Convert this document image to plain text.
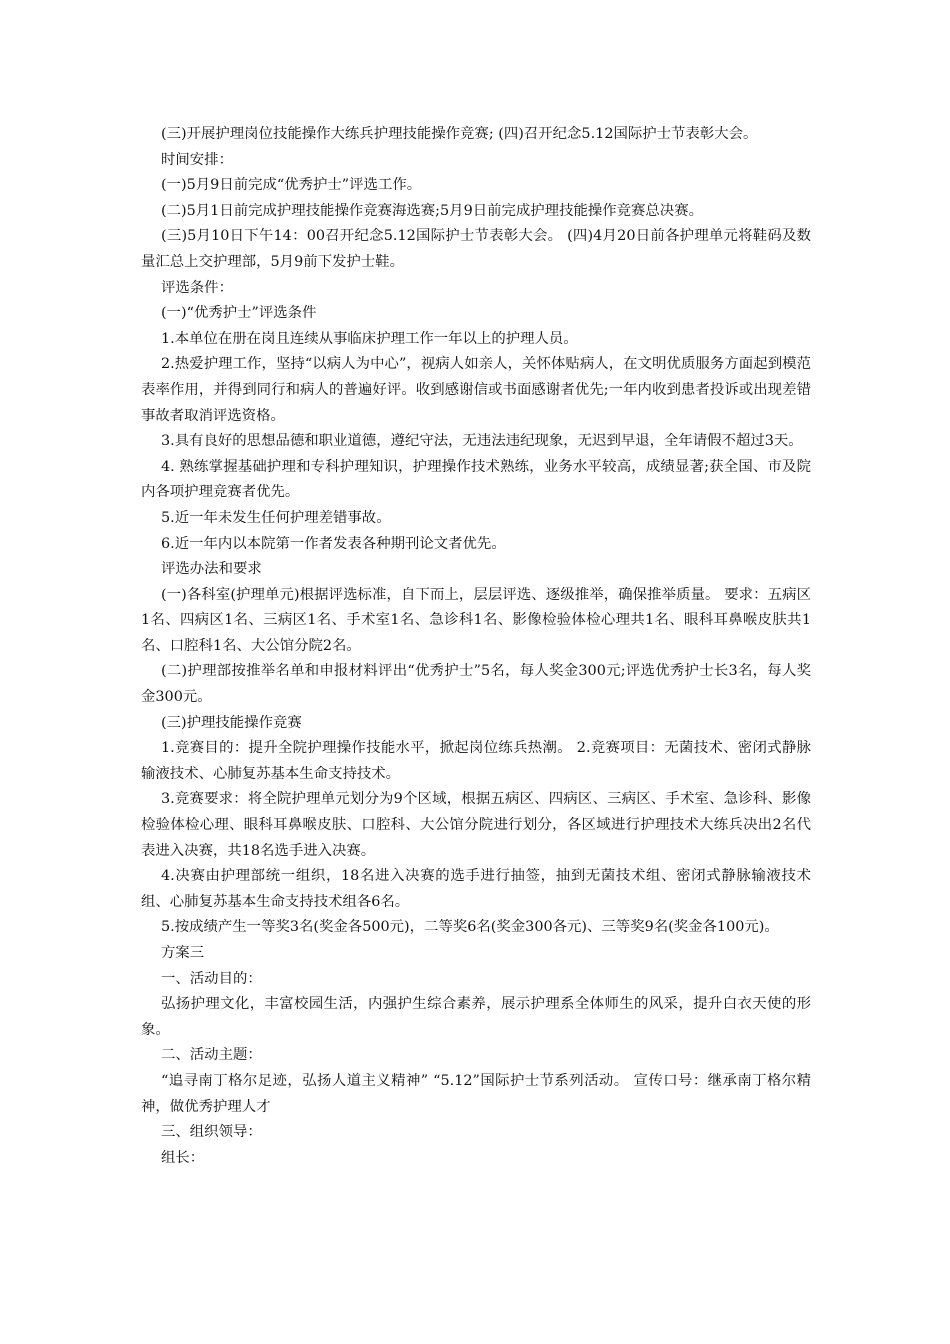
(三)开展护理岗位技能操作大练兵护理技能操作竞赛; (四)召开纪念5.12国际护士节表彰大会。

时间安排：

(一)5月9日前完成“优秀护士”评选工作。

(二)5月1日前完成护理技能操作竞赛海选赛;5月9日前完成护理技能操作竞赛总决赛。

(三)5月10日下午14：00召开纪念5.12国际护士节表彰大会。 (四)4月20日前各护理单元将鞋码及数量汇总上交护理部，5月9前下发护士鞋。

评选条件：

(一)“优秀护士”评选条件

1.本单位在册在岗且连续从事临床护理工作一年以上的护理人员。

2.热爱护理工作，坚持“以病人为中心”，视病人如亲人，关怀体贴病人，在文明优质服务方面起到模范表率作用，并得到同行和病人的普遍好评。收到感谢信或书面感谢者优先;一年内收到患者投诉或出现差错事故者取消评选资格。

3.具有良好的思想品德和职业道德，遵纪守法，无违法违纪现象，无迟到早退，全年请假不超过3天。

4. 熟练掌握基础护理和专科护理知识，护理操作技术熟练，业务水平较高，成绩显著;获全国、市及院内各项护理竞赛者优先。

5.近一年未发生任何护理差错事故。

6.近一年内以本院第一作者发表各种期刊论文者优先。

评选办法和要求

(一)各科室(护理单元)根据评选标准，自下而上，层层评选、逐级推举，确保推举质量。 要求：五病区1名、四病区1名、三病区1名、手术室1名、急诊科1名、影像检验体检心理共1名、眼科耳鼻喉皮肤共1名、口腔科1名、大公馆分院2名。

(二)护理部按推举名单和申报材料评出“优秀护士”5名，每人奖金300元;评选优秀护士长3名，每人奖金300元。

(三)护理技能操作竞赛

1.竞赛目的：提升全院护理操作技能水平，掀起岗位练兵热潮。 2.竞赛项目：无菌技术、密闭式静脉输液技术、心肺复苏基本生命支持技术。

3.竞赛要求：将全院护理单元划分为9个区域，根据五病区、四病区、三病区、手术室、急诊科、影像检验体检心理、眼科耳鼻喉皮肤、口腔科、大公馆分院进行划分，各区域进行护理技术大练兵决出2名代表进入决赛，共18名选手进入决赛。

4.决赛由护理部统一组织，18名进入决赛的选手进行抽签，抽到无菌技术组、密闭式静脉输液技术组、心肺复苏基本生命支持技术组各6名。

5.按成绩产生一等奖3名(奖金各500元)，二等奖6名(奖金300各元)、三等奖9名(奖金各100元)。

方案三

一、活动目的：

弘扬护理文化，丰富校园生活，内强护生综合素养，展示护理系全体师生的风采，提升白衣天使的形象。

二、活动主题：

“追寻南丁格尔足迹，弘扬人道主义精神” “5.12”国际护士节系列活动。 宣传口号：继承南丁格尔精神，做优秀护理人才

三、组织领导：

组长：
